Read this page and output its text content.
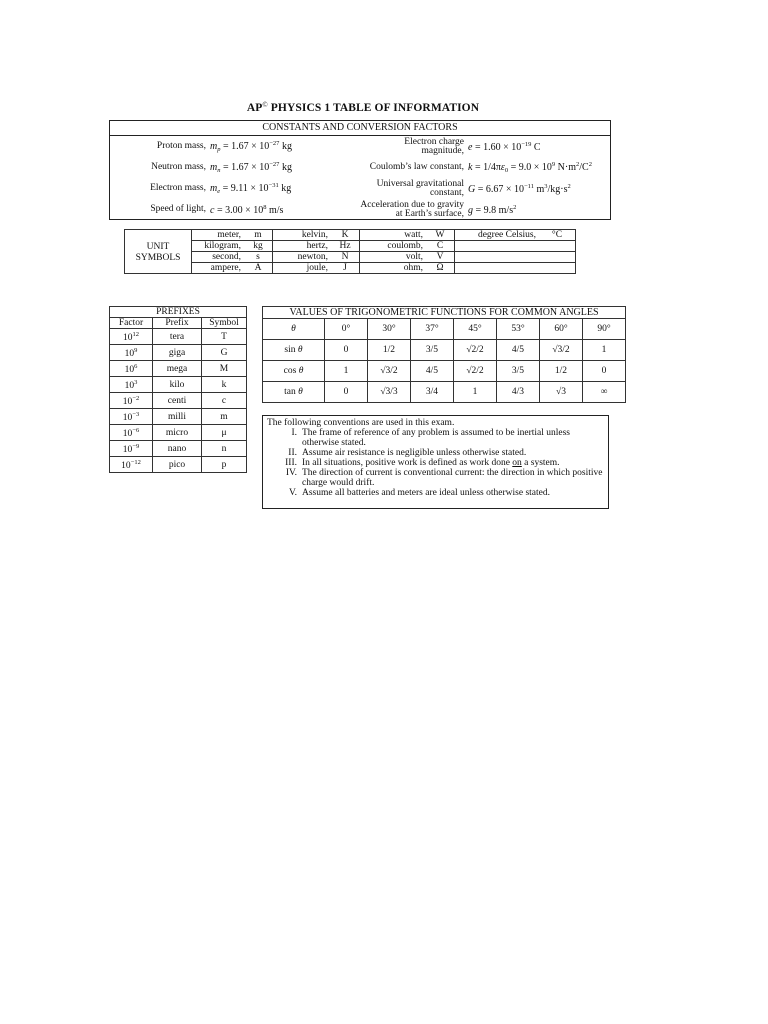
AP© PHYSICS 1 TABLE OF INFORMATION
CONSTANTS AND CONVERSION FACTORS
Proton mass, $m_p = 1.67 \times 10^{-27}$ kg	Electron charge magnitude, $e = 1.60 \times 10^{-19}$ C
Neutron mass, $m_n = 1.67 \times 10^{-27}$ kg	Coulomb’s law constant, $k = 1/4\pi\varepsilon_0 = 9.0 \times 10^9$ $N\cdot m^2/C^2$
Electron mass, $m_e = 9.11 \times 10^{-31}$ kg	Universal gravitational constant, $G = 6.67 \times 10^{-11}$ $m^3/kg\cdot s^2$
Speed of light, $c = 3.00 \times 10^8$ m/s	Acceleration due to gravity at Earth’s surface, g = 9.8 $m/s^2$
UNIT SYMBOLS	meter,	m	kelvin,	K	watt,	W	degree Celsius,	°C
	kilogram,	kg	hertz,	Hz	coulomb,	C		
	second,	s	newton,	N	volt,	V		
	ampere,	A	joule,	J	ohm,	Ω		
PREFIXES		
Factor	Prefix	Symbol
$10^{12}$	tera	T
$10^9$	giga	G
$10^6$	mega	M
$10^3$	kilo	k
$10^{-2}$	centi	c
$10^{-3}$	milli	m
$10^{-6}$	micro	μ
$10^{-9}$	nano	n
$10^{-12}$	pico	p
VALUES OF TRIGONOMETRIC FUNCTIONS FOR COMMON ANGLES							
θ	0°	30°	37°	45°	53°	60°	90°
sin θ	0	1/2	3/5	√2/2	4/5	√3/2	1
cos θ	1	√3/2	4/5	√2/2	3/5	1/2	0
tan θ	0	√3/3	3/4	1	4/3	√3	∞
The following conventions are used in this exam.
I. The frame of reference of any problem is assumed to be inertial unless otherwise stated.
II. Assume air resistance is negligible unless otherwise stated.
III. In all situations, positive work is defined as work done on a system.
IV. The direction of current is conventional current: the direction in which positive charge would drift.
V. Assume all batteries and meters are ideal unless otherwise stated.
